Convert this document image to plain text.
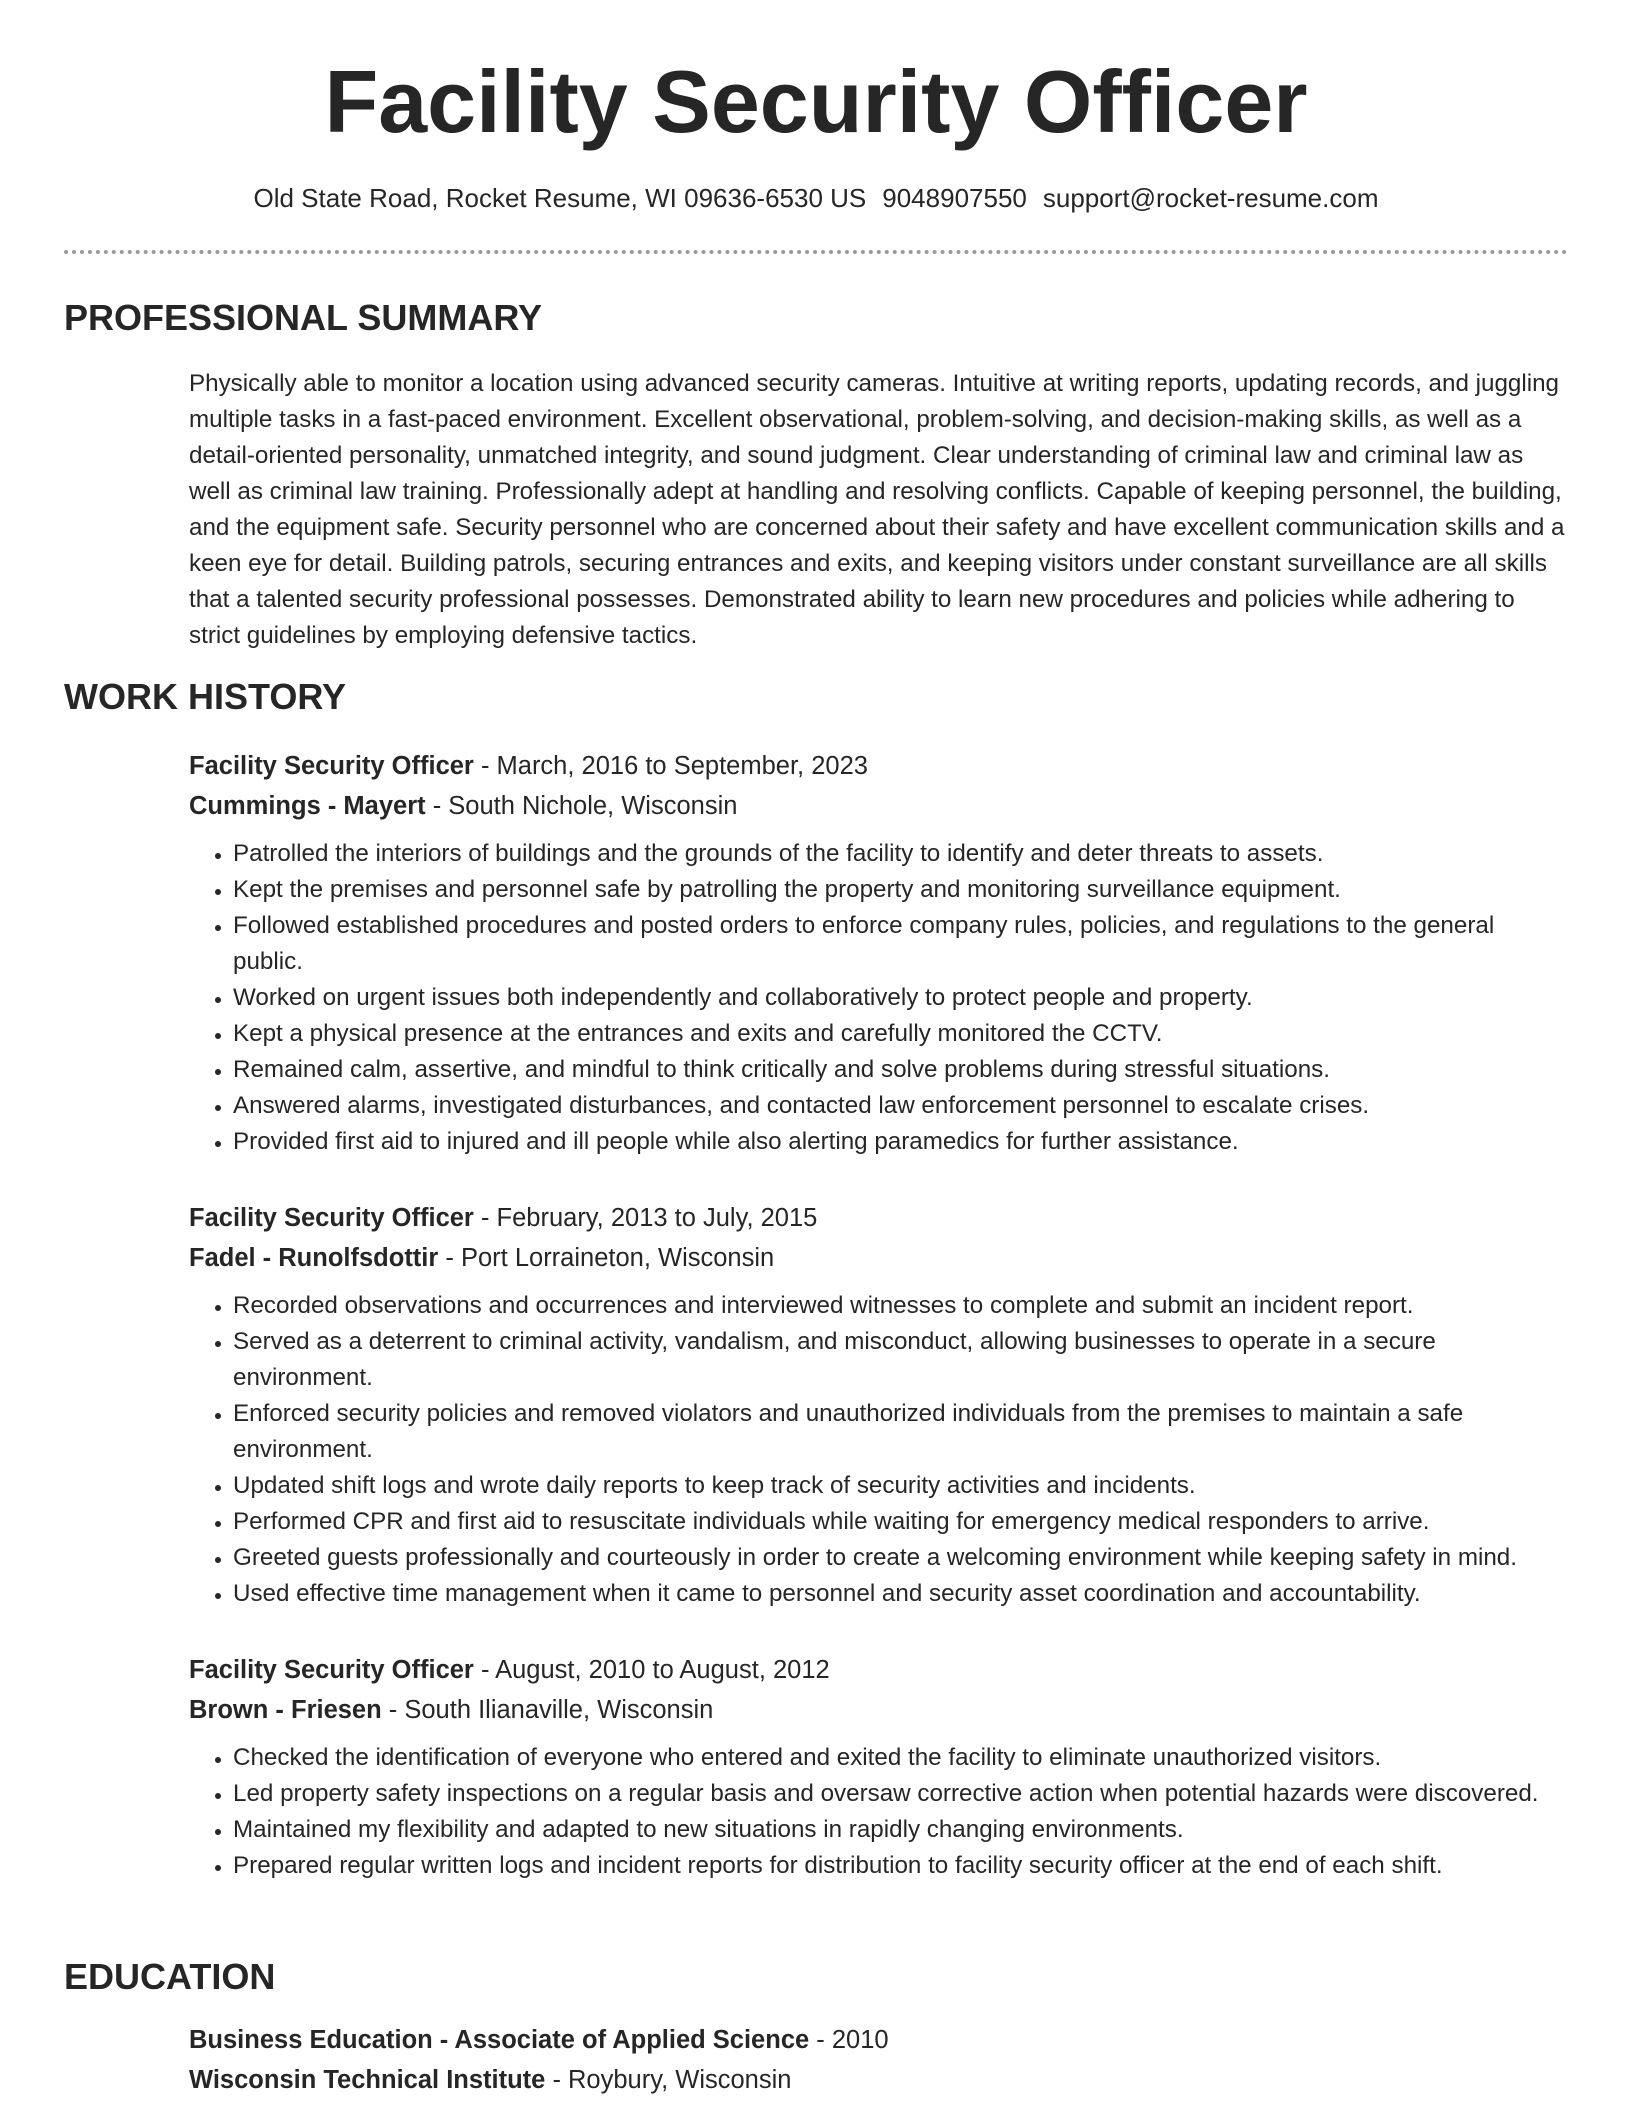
Facility Security Officer
Old State Road, Rocket Resume, WI 09636-6530 US 9048907550 support@rocket-resume.com
PROFESSIONAL SUMMARY
Physically able to monitor a location using advanced security cameras. Intuitive at writing reports, updating records, and juggling multiple tasks in a fast-paced environment. Excellent observational, problem-solving, and decision-making skills, as well as a detail-oriented personality, unmatched integrity, and sound judgment. Clear understanding of criminal law and criminal law as well as criminal law training. Professionally adept at handling and resolving conflicts. Capable of keeping personnel, the building, and the equipment safe. Security personnel who are concerned about their safety and have excellent communication skills and a keen eye for detail. Building patrols, securing entrances and exits, and keeping visitors under constant surveillance are all skills that a talented security professional possesses. Demonstrated ability to learn new procedures and policies while adhering to strict guidelines by employing defensive tactics.
WORK HISTORY
Facility Security Officer - March, 2016 to September, 2023
Cummings - Mayert - South Nichole, Wisconsin
• Patrolled the interiors of buildings and the grounds of the facility to identify and deter threats to assets.
• Kept the premises and personnel safe by patrolling the property and monitoring surveillance equipment.
• Followed established procedures and posted orders to enforce company rules, policies, and regulations to the general public.
• Worked on urgent issues both independently and collaboratively to protect people and property.
• Kept a physical presence at the entrances and exits and carefully monitored the CCTV.
• Remained calm, assertive, and mindful to think critically and solve problems during stressful situations.
• Answered alarms, investigated disturbances, and contacted law enforcement personnel to escalate crises.
• Provided first aid to injured and ill people while also alerting paramedics for further assistance.
Facility Security Officer - February, 2013 to July, 2015
Fadel - Runolfsdottir - Port Lorraineton, Wisconsin
• Recorded observations and occurrences and interviewed witnesses to complete and submit an incident report.
• Served as a deterrent to criminal activity, vandalism, and misconduct, allowing businesses to operate in a secure environment.
• Enforced security policies and removed violators and unauthorized individuals from the premises to maintain a safe environment.
• Updated shift logs and wrote daily reports to keep track of security activities and incidents.
• Performed CPR and first aid to resuscitate individuals while waiting for emergency medical responders to arrive.
• Greeted guests professionally and courteously in order to create a welcoming environment while keeping safety in mind.
• Used effective time management when it came to personnel and security asset coordination and accountability.
Facility Security Officer - August, 2010 to August, 2012
Brown - Friesen - South Ilianaville, Wisconsin
• Checked the identification of everyone who entered and exited the facility to eliminate unauthorized visitors.
• Led property safety inspections on a regular basis and oversaw corrective action when potential hazards were discovered.
• Maintained my flexibility and adapted to new situations in rapidly changing environments.
• Prepared regular written logs and incident reports for distribution to facility security officer at the end of each shift.
EDUCATION
Business Education - Associate of Applied Science - 2010
Wisconsin Technical Institute - Roybury, Wisconsin
